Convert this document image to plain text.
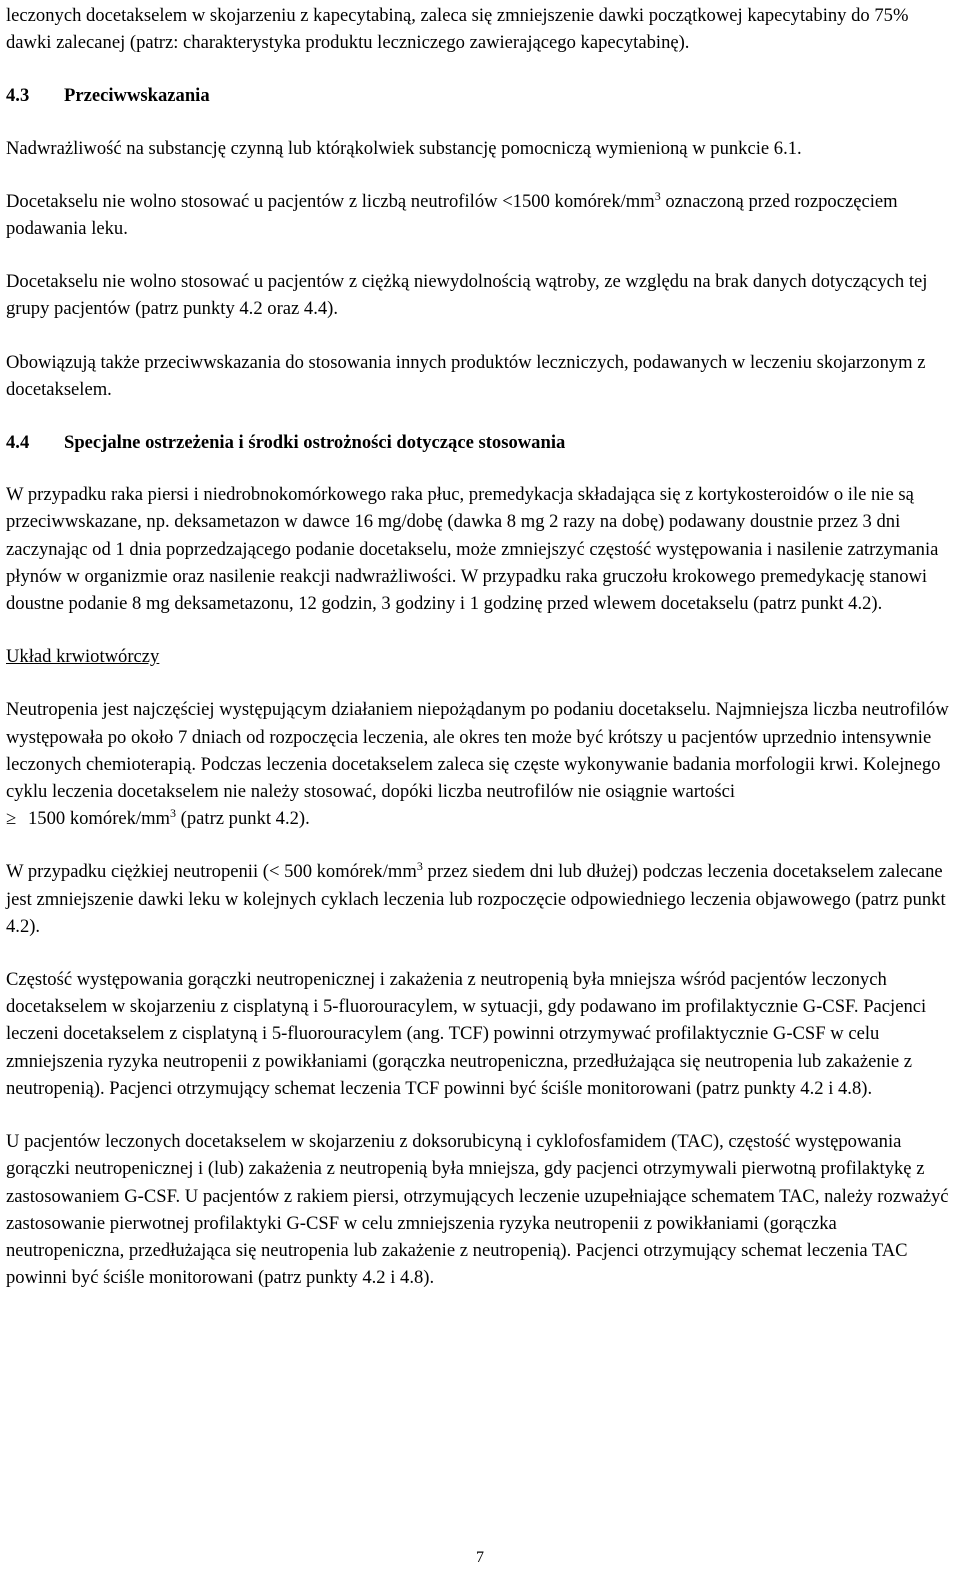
leczonych docetakselem w skojarzeniu z kapecytabiną, zaleca się zmniejszenie dawki początkowej kapecytabiny do 75% dawki zalecanej (patrz: charakterystyka produktu leczniczego zawierającego kapecytabinę).

4.3	Przeciwwskazania

Nadwrażliwość na substancję czynną lub którąkolwiek substancję pomocniczą wymienioną w punkcie 6.1.

Docetakselu nie wolno stosować u pacjentów z liczbą neutrofilów <1500 komórek/$mm^3$ oznaczoną przed rozpoczęciem podawania leku.

Docetakselu nie wolno stosować u pacjentów z ciężką niewydolnością wątroby, ze względu na brak danych dotyczących tej grupy pacjentów (patrz punkty 4.2 oraz 4.4).

Obowiązują także przeciwwskazania do stosowania innych produktów leczniczych, podawanych w leczeniu skojarzonym z docetakselem.

4.4	Specjalne ostrzeżenia i środki ostrożności dotyczące stosowania

W przypadku raka piersi i niedrobnokomórkowego raka płuc, premedykacja składająca się z kortykosteroidów o ile nie są przeciwwskazane, np. deksametazon w dawce 16 mg/dobę (dawka 8 mg 2 razy na dobę) podawany doustnie przez 3 dni zaczynając od 1 dnia poprzedzającego podanie docetakselu, może zmniejszyć częstość występowania i nasilenie zatrzymania płynów w organizmie oraz nasilenie reakcji nadwrażliwości. W przypadku raka gruczołu krokowego premedykację stanowi doustne podanie 8 mg deksametazonu, 12 godzin, 3 godziny i 1 godzinę przed wlewem docetakselu (patrz punkt 4.2).

Układ krwiotwórczy

Neutropenia jest najczęściej występującym działaniem niepożądanym po podaniu docetakselu. Najmniejsza liczba neutrofilów występowała po około 7 dniach od rozpoczęcia leczenia, ale okres ten może być krótszy u pacjentów uprzednio intensywnie leczonych chemioterapią. Podczas leczenia docetakselem zaleca się częste wykonywanie badania morfologii krwi. Kolejnego cyklu leczenia docetakselem nie należy stosować, dopóki liczba neutrofilów nie osiągnie wartości
≥ 1500 komórek/$mm^3$ (patrz punkt 4.2).

W przypadku ciężkiej neutropenii (< 500 komórek/$mm^3$ przez siedem dni lub dłużej) podczas leczenia docetakselem zalecane jest zmniejszenie dawki leku w kolejnych cyklach leczenia lub rozpoczęcie odpowiedniego leczenia objawowego (patrz punkt 4.2).

Częstość występowania gorączki neutropenicznej i zakażenia z neutropenią była mniejsza wśród pacjentów leczonych docetakselem w skojarzeniu z cisplatyną i 5-fluorouracylem, w sytuacji, gdy podawano im profilaktycznie G-CSF. Pacjenci leczeni docetakselem z cisplatyną i 5-fluorouracylem (ang. TCF) powinni otrzymywać profilaktycznie G-CSF w celu zmniejszenia ryzyka neutropenii z powikłaniami (gorączka neutropeniczna, przedłużająca się neutropenia lub zakażenie z neutropenią). Pacjenci otrzymujący schemat leczenia TCF powinni być ściśle monitorowani (patrz punkty 4.2 i 4.8).

U pacjentów leczonych docetakselem w skojarzeniu z doksorubicyną i cyklofosfamidem (TAC), częstość występowania gorączki neutropenicznej i (lub) zakażenia z neutropenią była mniejsza, gdy pacjenci otrzymywali pierwotną profilaktykę z zastosowaniem G-CSF. U pacjentów z rakiem piersi, otrzymujących leczenie uzupełniające schematem TAC, należy rozważyć zastosowanie pierwotnej profilaktyki G-CSF w celu zmniejszenia ryzyka neutropenii z powikłaniami (gorączka neutropeniczna, przedłużająca się neutropenia lub zakażenie z neutropenią). Pacjenci otrzymujący schemat leczenia TAC powinni być ściśle monitorowani (patrz punkty 4.2 i 4.8).

7
